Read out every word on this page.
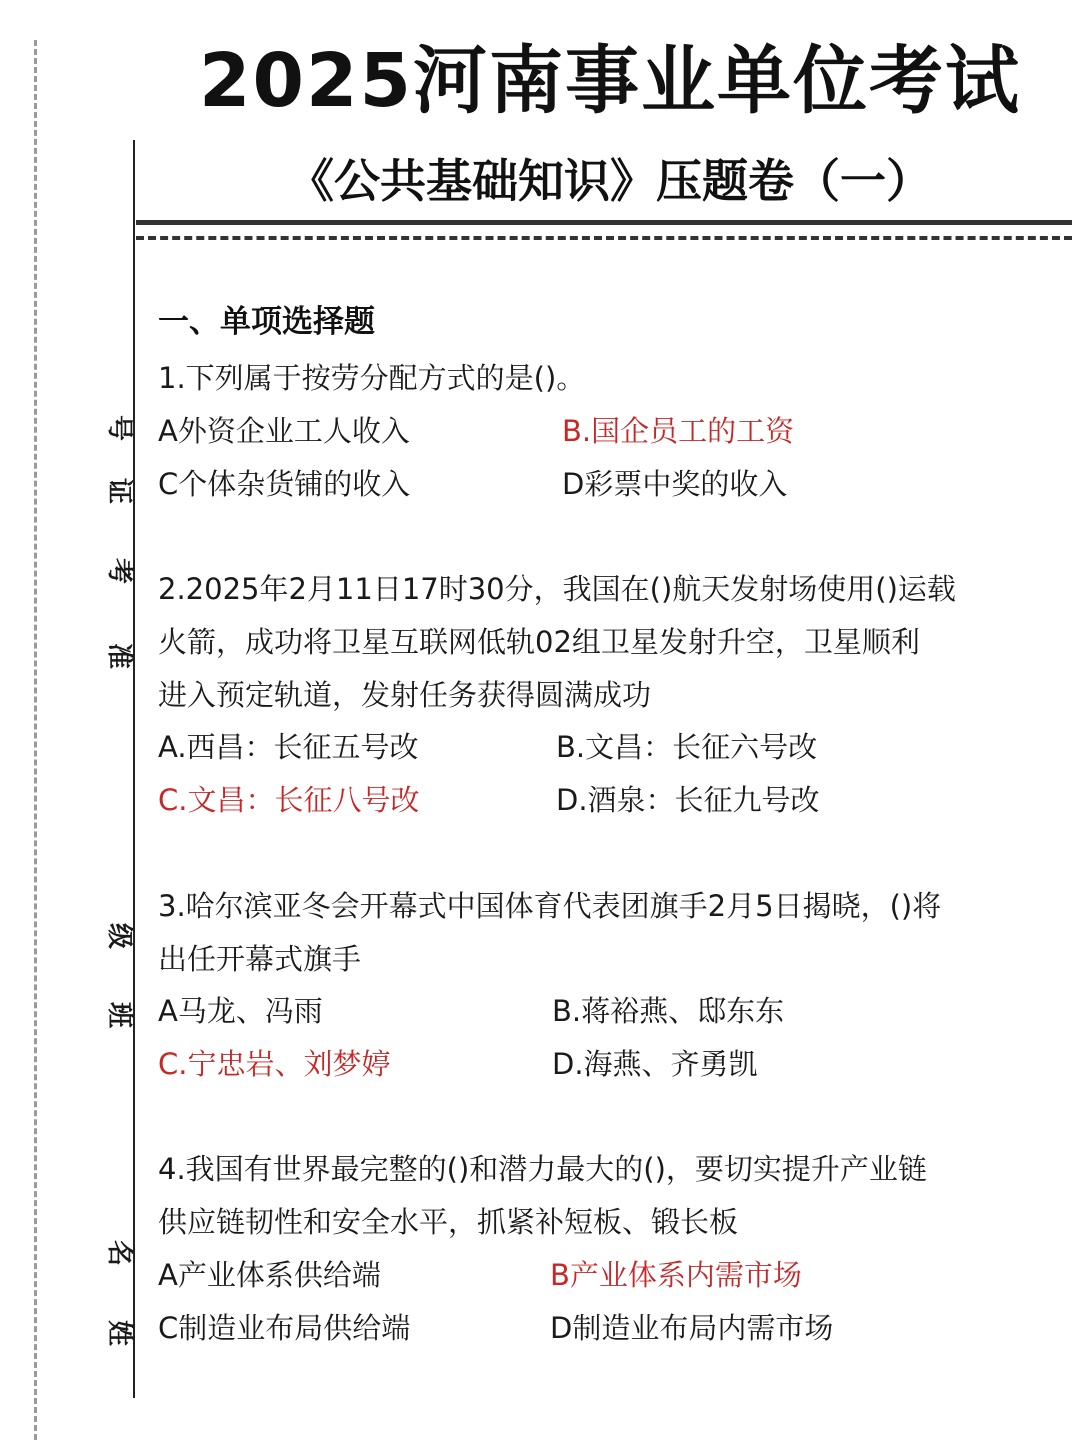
号
证
考
准
级
班
名
姓
2025河南事业单位考试
《公共基础知识》压题卷（一）
一、单项选择题
1.下列属于按劳分配方式的是()。
A外资企业工人收入	B.国企员工的工资
C个体杂货铺的收入	D彩票中奖的收入
2.2025年2月11日17时30分，我国在()航天发射场使用()运载
火箭，成功将卫星互联网低轨02组卫星发射升空，卫星顺利
进入预定轨道，发射任务获得圆满成功
A.西昌：长征五号改	B.文昌：长征六号改
C.文昌：长征八号改	D.酒泉：长征九号改
3.哈尔滨亚冬会开幕式中国体育代表团旗手2月5日揭晓，()将
出任开幕式旗手
A马龙、冯雨	B.蒋裕燕、邸东东
C.宁忠岩、刘梦婷	D.海燕、齐勇凯
4.我国有世界最完整的()和潜力最大的()，要切实提升产业链
供应链韧性和安全水平，抓紧补短板、锻长板
A产业体系供给端	B产业体系内需市场
C制造业布局供给端	D制造业布局内需市场
